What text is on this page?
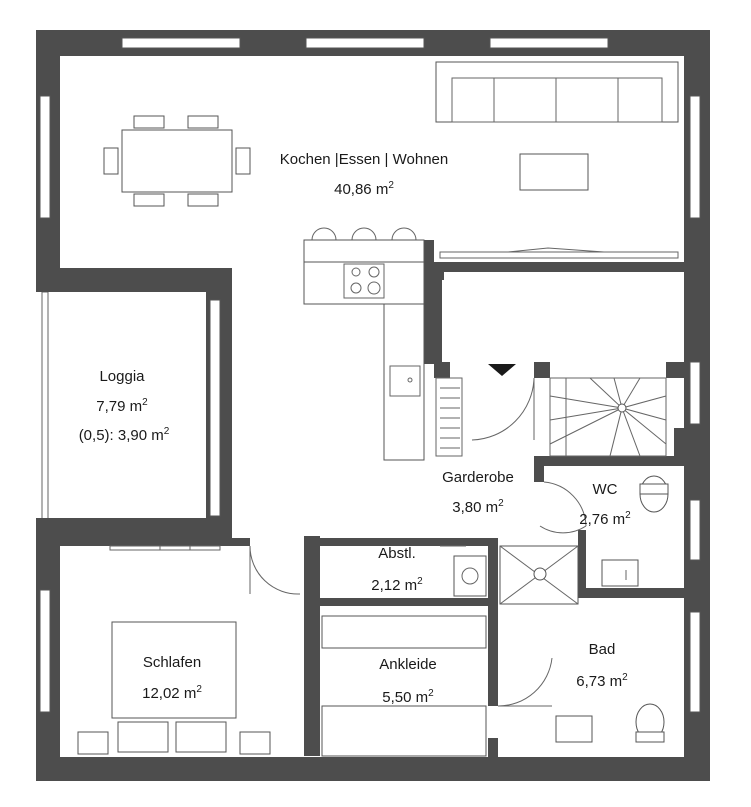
Kochen |Essen | Wohnen
40,86 $m^2$
Loggia
7,79 $m^2$
(0,5): 3,90 $m^2$
Garderobe
3,80 $m^2$
WC
2,76 $m^2$
Abstl.
2,12 $m^2$
Schlafen
12,02 $m^2$
Ankleide
5,50 $m^2$
Bad
6,73 $m^2$
